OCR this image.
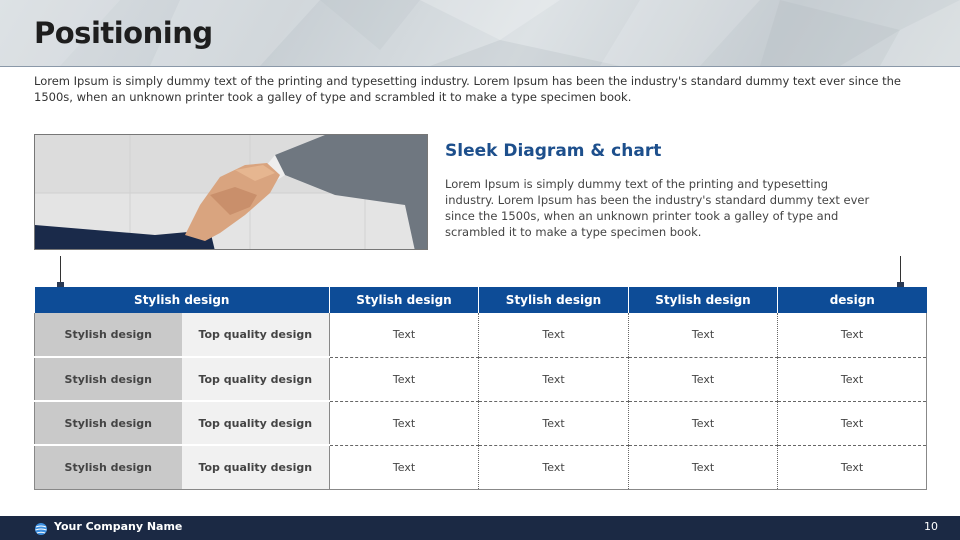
Positioning
Lorem Ipsum is simply dummy text of the printing and typesetting industry. Lorem Ipsum has been the industry's standard dummy text ever since the 1500s, when an unknown printer took a galley of type and scrambled it to make a type specimen book.
Sleek Diagram & chart
Lorem Ipsum is simply dummy text of the printing and typesetting industry. Lorem Ipsum has been the industry's standard dummy text ever since the 1500s, when an unknown printer took a galley of type and scrambled it to make a type specimen book.
Stylish design		Stylish design	Stylish design	Stylish design	design
Stylish design	Top quality design	Text	Text	Text	Text
Stylish design	Top quality design	Text	Text	Text	Text
Stylish design	Top quality design	Text	Text	Text	Text
Stylish design	Top quality design	Text	Text	Text	Text
Your Company Name	10
